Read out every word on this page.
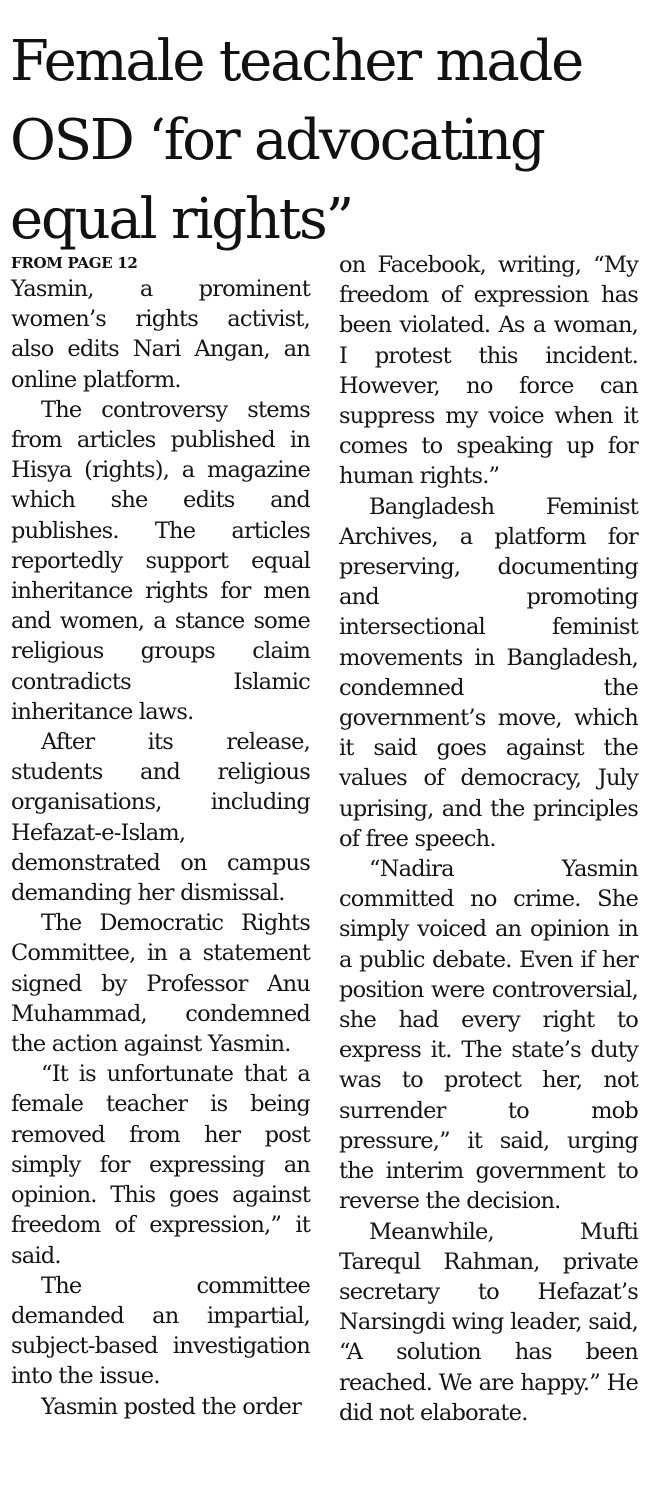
Female teacher made OSD ‘for advocating equal rights”

FROM PAGE 12

Yasmin, a prominent women’s rights activist, also edits Nari Angan, an online platform.

The controversy stems from articles published in Hisya (rights), a magazine which she edits and publishes. The articles reportedly support equal inheritance rights for men and women, a stance some religious groups claim contradicts Islamic inheritance laws.

After its release, students and religious organisations, including Hefazat-e-Islam, demonstrated on campus demanding her dismissal.

The Democratic Rights Committee, in a statement signed by Professor Anu Muhammad, condemned the action against Yasmin.

“It is unfortunate that a female teacher is being removed from her post simply for expressing an opinion. This goes against freedom of expression,” it said.

The committee demanded an impartial, subject-based investigation into the issue.

Yasmin posted the order

on Facebook, writing, “My freedom of expression has been violated. As a woman, I protest this incident. However, no force can suppress my voice when it comes to speaking up for human rights.”

Bangladesh Feminist Archives, a platform for preserving, documenting and promoting intersectional feminist movements in Bangladesh, condemned the government’s move, which it said goes against the values of democracy, July uprising, and the principles of free speech.

“Nadira Yasmin committed no crime. She simply voiced an opinion in a public debate. Even if her position were controversial, she had every right to express it. The state’s duty was to protect her, not surrender to mob pressure,” it said, urging the interim government to reverse the decision.

Meanwhile, Mufti Tarequl Rahman, private secretary to Hefazat’s Narsingdi wing leader, said, “A solution has been reached. We are happy.” He did not elaborate.
